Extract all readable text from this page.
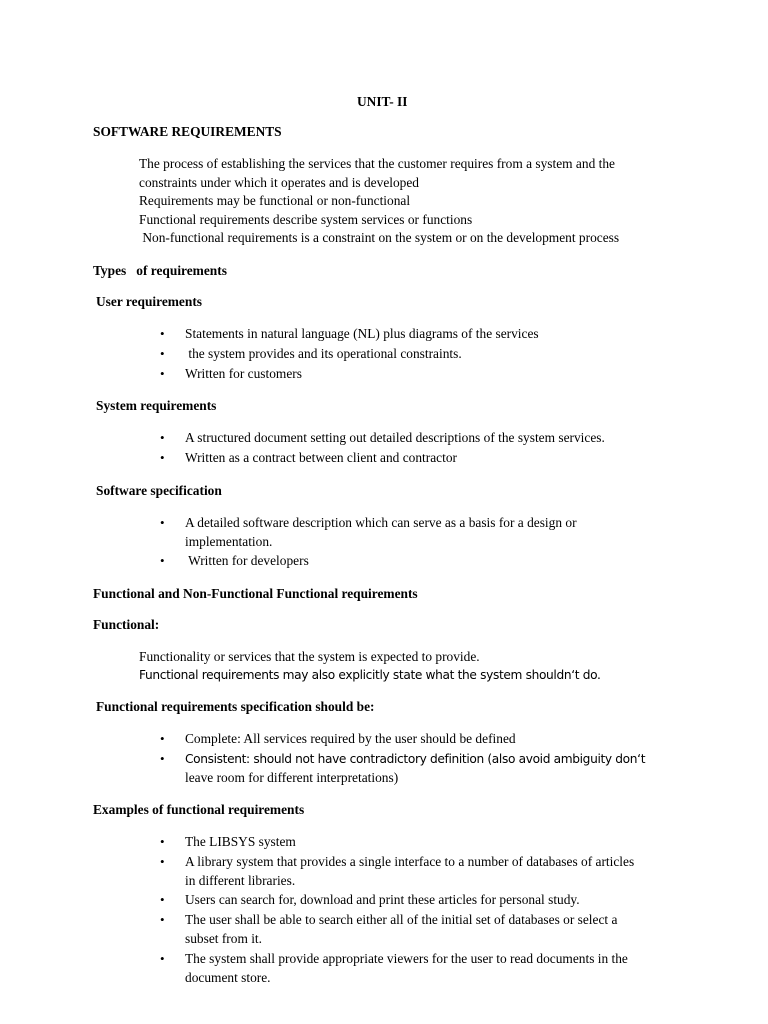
UNIT- II
SOFTWARE REQUIREMENTS
The process of establishing the services that the customer requires from a system and the
constraints under which it operates and is developed
Requirements may be functional or non-functional
Functional requirements describe system services or functions
Non-functional requirements is a constraint on the system or on the development process
Types   of requirements
User requirements
• Statements in natural language (NL) plus diagrams of the services
• the system provides and its operational constraints.
• Written for customers
System requirements
• A structured document setting out detailed descriptions of the system services.
• Written as a contract between client and contractor
Software specification
• A detailed software description which can serve as a basis for a design or
implementation.
• Written for developers
Functional and Non-Functional Functional requirements
Functional:
Functionality or services that the system is expected to provide.
Functional requirements may also explicitly state what the system shouldn‘t do.
Functional requirements specification should be:
• Complete: All services required by the user should be defined
• Consistent: should not have contradictory definition (also avoid ambiguity don‘t
leave room for different interpretations)
Examples of functional requirements
• The LIBSYS system
• A library system that provides a single interface to a number of databases of articles
in different libraries.
• Users can search for, download and print these articles for personal study.
• The user shall be able to search either all of the initial set of databases or select a
subset from it.
• The system shall provide appropriate viewers for the user to read documents in the
document store.
